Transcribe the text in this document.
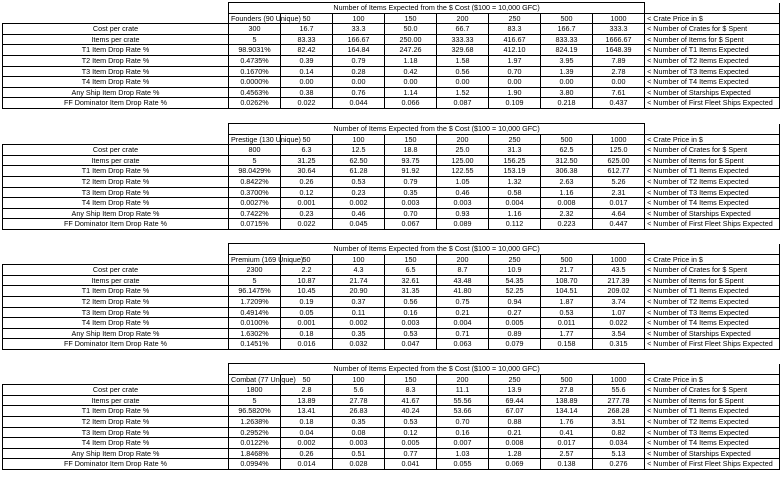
	Number of Items Expected from the $ Cost ($100 = 10,000 GFC)								
	Founders (90 Unique)	50	100	150	200	250	500	1000	< Crate Price in $
Cost per crate	300	16.7	33.3	50.0	66.7	83.3	166.7	333.3	< Number of Crates for $ Spent
Items per crate	5	83.33	166.67	250.00	333.33	416.67	833.33	1666.67	< Number of Items for $ Spent
T1 Item Drop Rate %	98.9031%	82.42	164.84	247.26	329.68	412.10	824.19	1648.39	< Number of T1 Items Expected
T2 Item Drop Rate %	0.4735%	0.39	0.79	1.18	1.58	1.97	3.95	7.89	< Number of T2 Items Expected
T3 Item Drop Rate %	0.1670%	0.14	0.28	0.42	0.56	0.70	1.39	2.78	< Number of T3 Items Expected
T4 Item Drop Rate %	0.0000%	0.00	0.00	0.00	0.00	0.00	0.00	0.00	< Number of T4 Items Expected
Any Ship Item Drop Rate %	0.4563%	0.38	0.76	1.14	1.52	1.90	3.80	7.61	< Number of Starships Expected
FF Dominator Item Drop Rate %	0.0262%	0.022	0.044	0.066	0.087	0.109	0.218	0.437	< Number of First Fleet Ships Expected
	Number of Items Expected from the $ Cost ($100 = 10,000 GFC)								
	Prestige (130 Unique)	50	100	150	200	250	500	1000	< Crate Price in $
Cost per crate	800	6.3	12.5	18.8	25.0	31.3	62.5	125.0	< Number of Crates for $ Spent
Items per crate	5	31.25	62.50	93.75	125.00	156.25	312.50	625.00	< Number of Items for $ Spent
T1 Item Drop Rate %	98.0429%	30.64	61.28	91.92	122.55	153.19	306.38	612.77	< Number of T1 Items Expected
T2 Item Drop Rate %	0.8422%	0.26	0.53	0.79	1.05	1.32	2.63	5.26	< Number of T2 Items Expected
T3 Item Drop Rate %	0.3700%	0.12	0.23	0.35	0.46	0.58	1.16	2.31	< Number of T3 Items Expected
T4 Item Drop Rate %	0.0027%	0.001	0.002	0.003	0.003	0.004	0.008	0.017	< Number of T4 Items Expected
Any Ship Item Drop Rate %	0.7422%	0.23	0.46	0.70	0.93	1.16	2.32	4.64	< Number of Starships Expected
FF Dominator Item Drop Rate %	0.0715%	0.022	0.045	0.067	0.089	0.112	0.223	0.447	< Number of First Fleet Ships Expected
	Number of Items Expected from the $ Cost ($100 = 10,000 GFC)								
	Premium (169 Unique)	50	100	150	200	250	500	1000	< Crate Price in $
Cost per crate	2300	2.2	4.3	6.5	8.7	10.9	21.7	43.5	< Number of Crates for $ Spent
Items per crate	5	10.87	21.74	32.61	43.48	54.35	108.70	217.39	< Number of Items for $ Spent
T1 Item Drop Rate %	96.1475%	10.45	20.90	31.35	41.80	52.25	104.51	209.02	< Number of T1 Items Expected
T2 Item Drop Rate %	1.7209%	0.19	0.37	0.56	0.75	0.94	1.87	3.74	< Number of T2 Items Expected
T3 Item Drop Rate %	0.4914%	0.05	0.11	0.16	0.21	0.27	0.53	1.07	< Number of T3 Items Expected
T4 Item Drop Rate %	0.0100%	0.001	0.002	0.003	0.004	0.005	0.011	0.022	< Number of T4 Items Expected
Any Ship Item Drop Rate %	1.6302%	0.18	0.35	0.53	0.71	0.89	1.77	3.54	< Number of Starships Expected
FF Dominator Item Drop Rate %	0.1451%	0.016	0.032	0.047	0.063	0.079	0.158	0.315	< Number of First Fleet Ships Expected
	Number of Items Expected from the $ Cost ($100 = 10,000 GFC)								
	Combat (77 Unique)	50	100	150	200	250	500	1000	< Crate Price in $
Cost per crate	1800	2.8	5.6	8.3	11.1	13.9	27.8	55.6	< Number of Crates for $ Spent
Items per crate	5	13.89	27.78	41.67	55.56	69.44	138.89	277.78	< Number of Items for $ Spent
T1 Item Drop Rate %	96.5820%	13.41	26.83	40.24	53.66	67.07	134.14	268.28	< Number of T1 Items Expected
T2 Item Drop Rate %	1.2638%	0.18	0.35	0.53	0.70	0.88	1.76	3.51	< Number of T2 Items Expected
T3 Item Drop Rate %	0.2952%	0.04	0.08	0.12	0.16	0.21	0.41	0.82	< Number of T3 Items Expected
T4 Item Drop Rate %	0.0122%	0.002	0.003	0.005	0.007	0.008	0.017	0.034	< Number of T4 Items Expected
Any Ship Item Drop Rate %	1.8468%	0.26	0.51	0.77	1.03	1.28	2.57	5.13	< Number of Starships Expected
FF Dominator Item Drop Rate %	0.0994%	0.014	0.028	0.041	0.055	0.069	0.138	0.276	< Number of First Fleet Ships Expected
